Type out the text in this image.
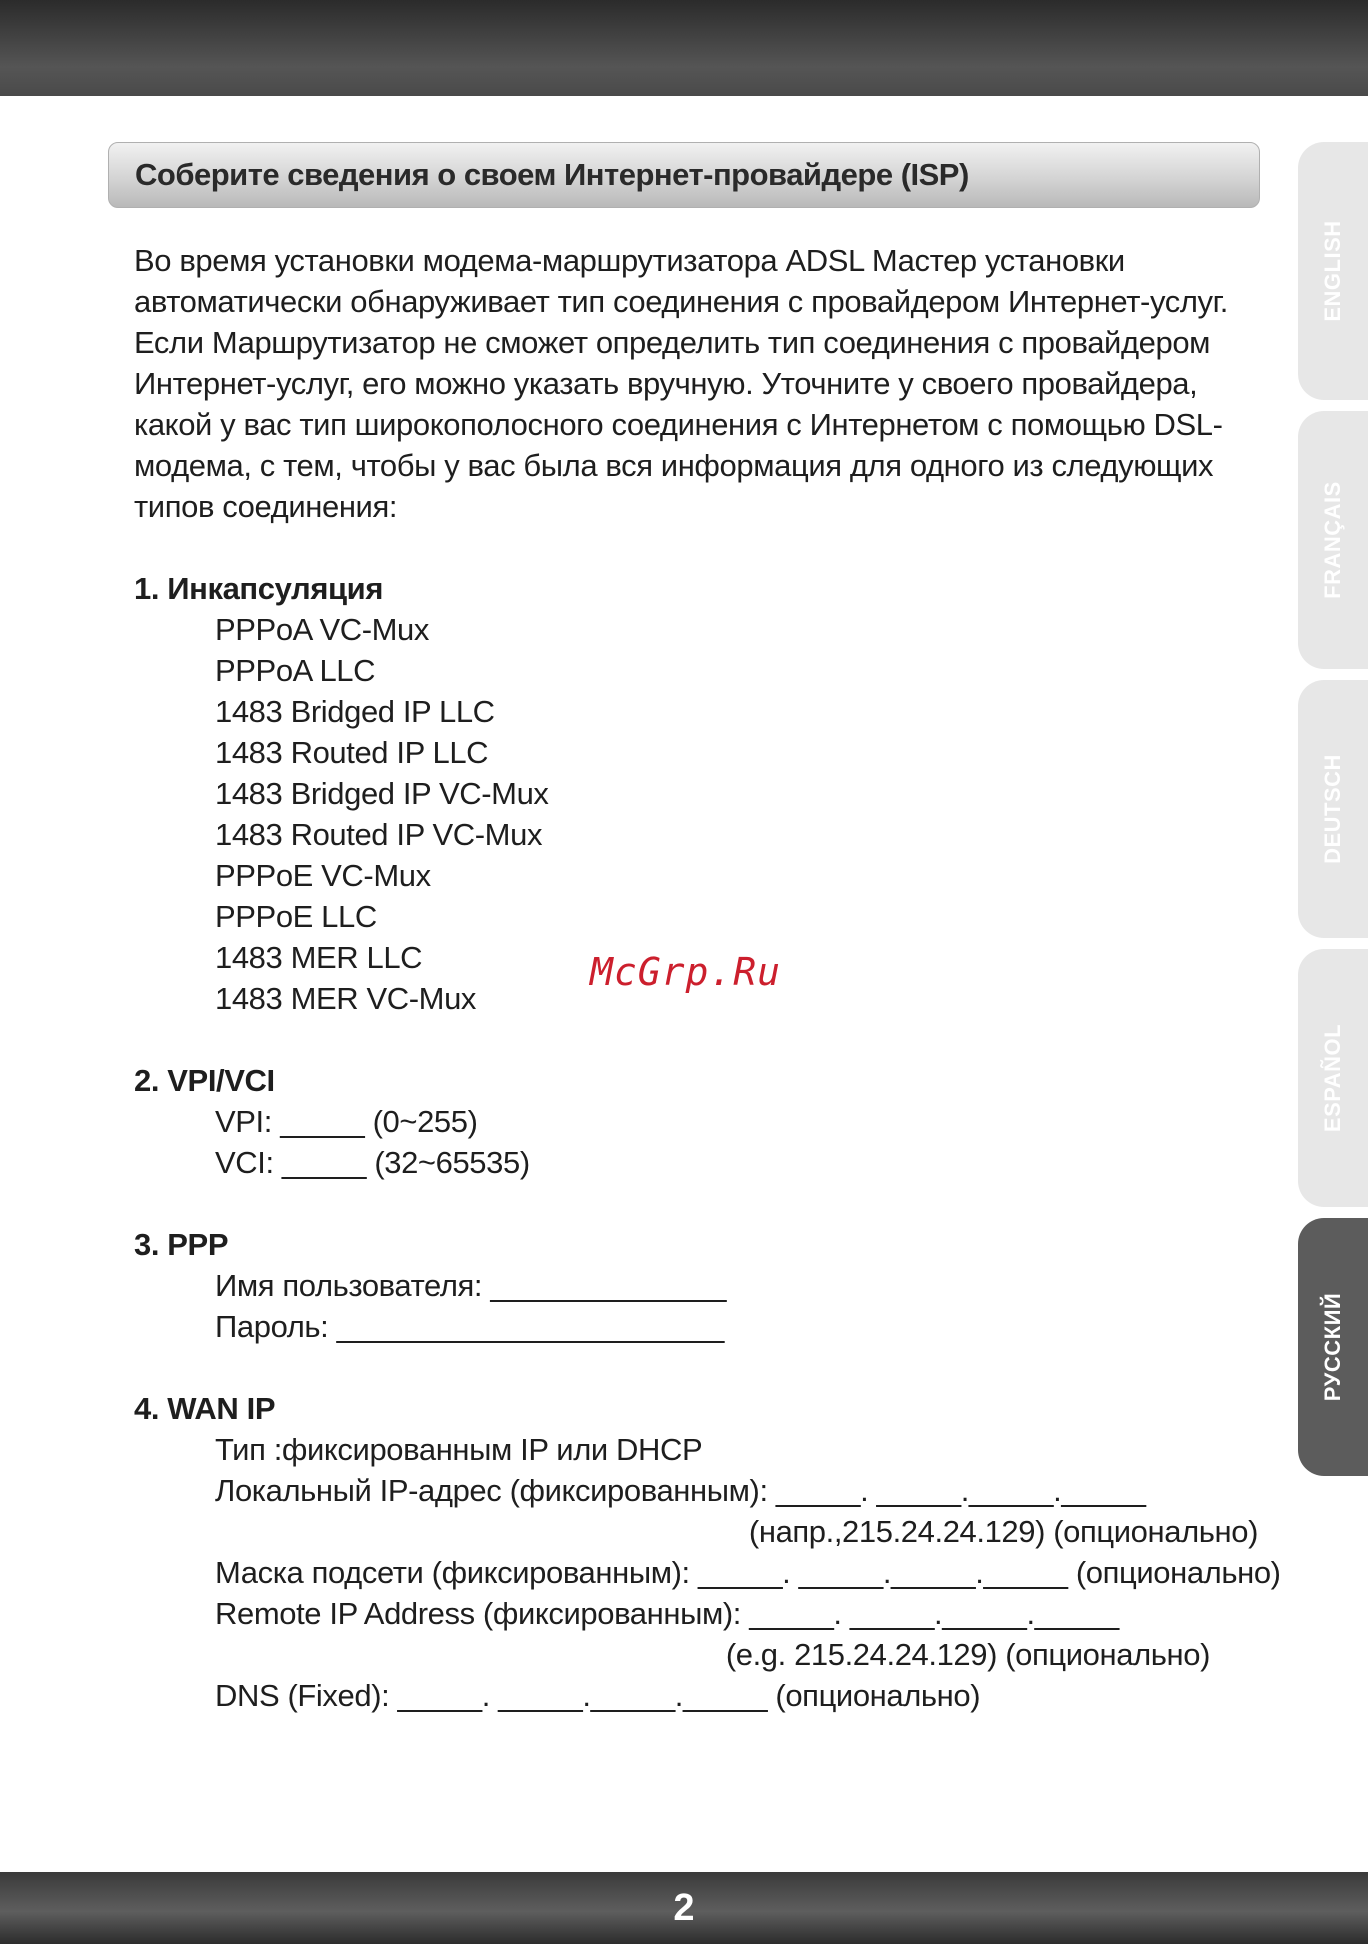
Соберите сведения о своем Интернет-провайдере (ISP)
Во время установки модема-маршрутизатора ADSL Мастер установки
автоматически обнаруживает тип соединения с провайдером Интернет-услуг.
Если Маршрутизатор не сможет определить тип соединения с провайдером
Интернет-услуг, его можно указать вручную. Уточните у своего провайдера,
какой у вас тип широкополосного соединения с Интернетом с помощью DSL-
модема, с тем, чтобы у вас была вся информация для одного из следующих
типов соединения:
1. Инкапсуляция
PPPoA VC-Mux
PPPoA LLC
1483 Bridged IP LLC
1483 Routed IP LLC
1483 Bridged IP VC-Mux
1483 Routed IP VC-Mux
PPPoE VC-Mux
PPPoE LLC
1483 MER LLC
1483 MER VC-Mux
2. VPI/VCI
VPI: _____ (0~255)
VCI: _____ (32~65535)
3. PPP
Имя пользователя: ______________
Пароль: _______________________
4. WAN IP
Тип :фиксированным IP или DHCP
Локальный IP-адрес (фиксированным): _____. _____._____._____
(напр.,215.24.24.129) (опционально)
Маска подсети (фиксированным): _____. _____._____._____ (опционально)
Remote IP Address (фиксированным): _____. _____._____._____
(e.g. 215.24.24.129) (опционально)
DNS (Fixed): _____. _____._____._____ (опционально)
McGrp.Ru
ENGLISH
FRANÇAIS
DEUTSCH
ESPAÑOL
РУССКИЙ
2
